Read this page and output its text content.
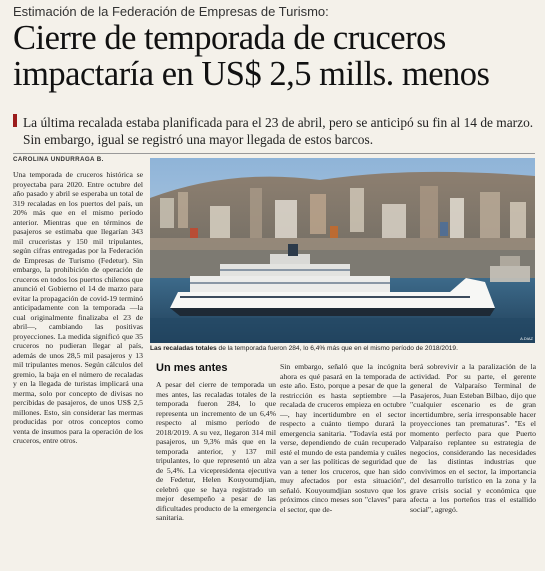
Estimación de la Federación de Empresas de Turismo:
Cierre de temporada de cruceros impactaría en US$ 2,5 mills. menos
La última recalada estaba planificada para el 23 de abril, pero se anticipó su fin al 14 de marzo. Sin embargo, igual se registró una mayor llegada de estos barcos.
CAROLINA UNDURRAGA B.

Una temporada de cruceros histórica se proyectaba para 2020. Entre octubre del año pasado y abril se esperaba un total de 319 recaladas en los puertos del país, un 20% más que en el mismo período anterior. Mientras que en términos de pasajeros se estimaba que llegarían 343 mil cruceristas y 150 mil tripulantes, según cifras entregadas por la Federación de Empresas de Turismo (Fedetur). Sin embargo, la prohibición de operación de cruceros en todos los puertos chilenos que anunció el Gobierno el 14 de marzo para evitar la propagación de covid-19 terminó anticipadamente con la temporada —la cual originalmente finalizaba el 23 de abril—, cambiando las positivas proyecciones. La medida significó que 35 cruceros no pudieran llegar al país, además de unos 28,5 mil pasajeros y 13 mil tripulantes menos. Según cálculos del gremio, la baja en el número de recaladas y en la llegada de turistas implicará una merma, solo por concepto de divisas no percibidas de pasajeros, de unos US$ 2,5 millones. Esto, sin considerar las mermas producidas por otros conceptos como venta de insumos para la operación de los cruceros, entre otros.

A.DIAZ
Las recaladas totales de la temporada fueron 284, lo 6,4% más que en el mismo período de 2018/2019.
Un mes antes

A pesar del cierre de temporada un mes antes, las recaladas totales de la temporada fueron 284, lo que representa un incremento de un 6,4% respecto al mismo período de 2018/2019. A su vez, llegaron 314 mil pasajeros, un 9,3% más que en la temporada anterior, y 137 mil tripulantes, lo que representó un alza de 5,4%. La vicepresidenta ejecutiva de Fedetur, Helen Kouyoumdjian, celebró que se haya registrado un mejor desempeño a pesar de las dificultades producto de la emergencia sanitaria.

Sin embargo, señaló que la incógnita ahora es qué pasará en la temporada de este año. Esto, porque a pesar de que la restricción es hasta septiembre —la recalada de cruceros empieza en octubre—, hay incertidumbre en el sector respecto a cuánto tiempo durará la emergencia sanitaria. "Todavía está por verse, dependiendo de cuán recuperado esté el mundo de esta pandemia y cuáles van a ser las políticas de seguridad que van a tener los cruceros, que han sido muy afectados por esta situación", señaló. Kouyoumdjian sostuvo que los próximos cinco meses son "claves" para el sector, que de-

berá sobrevivir a la paralización de la actividad. Por su parte, el gerente general de Valparaíso Terminal de Pasajeros, Juan Esteban Bilbao, dijo que "cualquier escenario es de gran incertidumbre, sería irresponsable hacer proyecciones tan prematuras". "Es el momento perfecto para que Puerto Valparaíso replantee su estrategia de negocios, considerando las necesidades de las distintas industrias que convivimos en el sector, la importancia del desarrollo turístico en la zona y la grave crisis social y económica que afecta a los porteños tras el estallido social", agregó.
